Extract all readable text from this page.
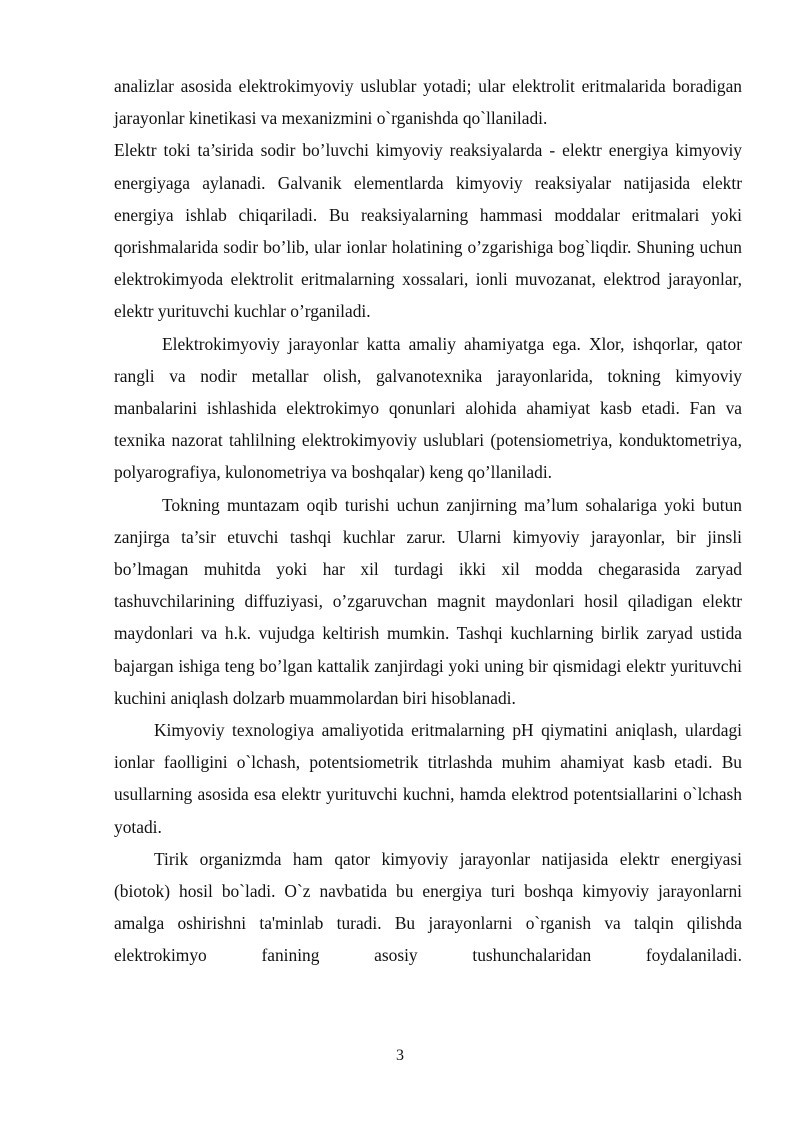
analizlar asosida elektrokimyoviy uslublar yotadi; ular elektrolit eritmalarida boradigan jarayonlar kinetikasi va mexanizmini o`rganishda qo`llaniladi.

Elektr toki ta’sirida sodir bo’luvchi kimyoviy reaksiyalarda - elektr energiya kimyoviy energiyaga aylanadi. Galvanik elementlarda kimyoviy reaksiyalar natijasida elektr energiya ishlab chiqariladi. Bu reaksiyalarning hammasi moddalar eritmalari yoki qorishmalarida sodir bo’lib, ular ionlar holatining o’zgarishiga bog`liqdir. Shuning uchun elektrokimyoda elektrolit eritmalarning xossalari, ionli muvozanat, elektrod jarayonlar, elektr yurituvchi kuchlar o’rganiladi.

Elektrokimyoviy jarayonlar katta amaliy ahamiyatga ega. Xlor, ishqorlar, qator rangli va nodir metallar olish, galvanotexnika jarayonlarida, tokning kimyoviy manbalarini ishlashida elektrokimyo qonunlari alohida ahamiyat kasb etadi. Fan va texnika nazorat tahlilning elektrokimyoviy uslublari (potensiometriya, konduktometriya, polyarografiya, kulonometriya va boshqalar) keng qo’llaniladi.

Tokning muntazam oqib turishi uchun zanjirning ma’lum sohalariga yoki butun zanjirga ta’sir etuvchi tashqi kuchlar zarur. Ularni kimyoviy jarayonlar, bir jinsli bo’lmagan muhitda yoki har xil turdagi ikki xil modda chegarasida zaryad tashuvchilarining diffuziyasi, o’zgaruvchan magnit maydonlari hosil qiladigan elektr maydonlari va h.k. vujudga keltirish mumkin. Tashqi kuchlarning birlik zaryad ustida bajargan ishiga teng bo’lgan kattalik zanjirdagi yoki uning bir qismidagi elektr yurituvchi kuchini aniqlash dolzarb muammolardan biri hisoblanadi.

Kimyoviy texnologiya amaliyotida eritmalarning pH qiymatini aniqlash, ulardagi ionlar faolligini o`lchash, potentsiometrik titrlashda muhim ahamiyat kasb etadi. Bu usullarning asosida esa elektr yurituvchi kuchni, hamda elektrod potentsiallarini o`lchash yotadi.

Tirik organizmda ham qator kimyoviy jarayonlar natijasida elektr energiyasi (biotok) hosil bo`ladi. O`z navbatida bu energiya turi boshqa kimyoviy jarayonlarni amalga oshirishni ta'minlab turadi. Bu jarayonlarni o`rganish va talqin qilishda elektrokimyo fanining asosiy tushunchalaridan foydalaniladi.

3
